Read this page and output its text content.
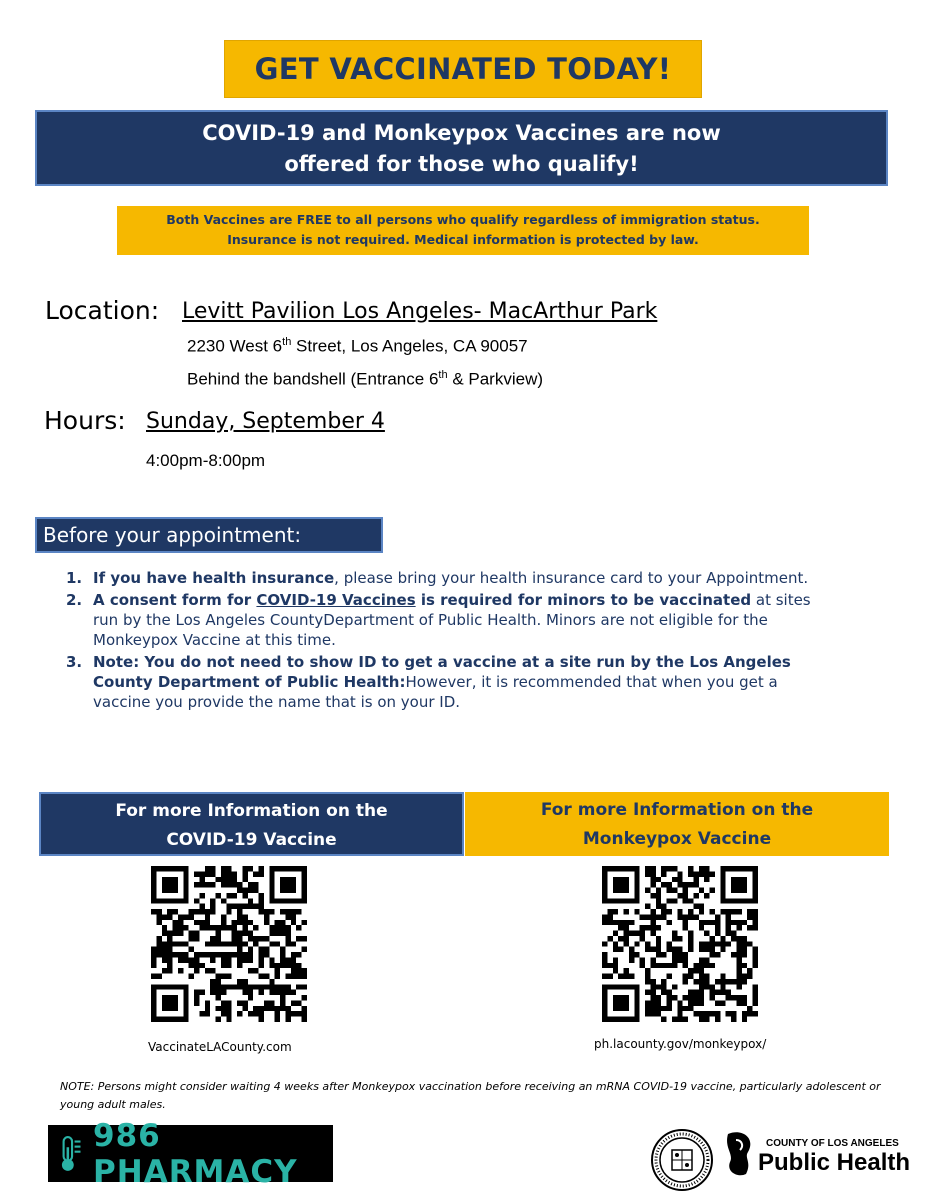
GET VACCINATED TODAY!
COVID-19 and Monkeypox Vaccines are now
offered for those who qualify!
Both Vaccines are FREE to all persons who qualify regardless of immigration status.
Insurance is not required. Medical information is protected by law.
Location: Levitt Pavilion Los Angeles- MacArthur Park
2230 West 6th Street, Los Angeles, CA 90057
Behind the bandshell (Entrance 6th & Parkview)
Hours: Sunday, September 4
4:00pm-8:00pm
Before your appointment:
1. If you have health insurance, please bring your health insurance card to your Appointment.
2. A consent form for COVID-19 Vaccines is required for minors to be vaccinated at sites run by the Los Angeles CountyDepartment of Public Health. Minors are not eligible for the Monkeypox Vaccine at this time.
3. Note: You do not need to show ID to get a vaccine at a site run by the Los Angeles County Department of Public Health:However, it is recommended that when you get a vaccine you provide the name that is on your ID.
For more Information on the
COVID-19 Vaccine
For more Information on the
Monkeypox Vaccine
VaccinateLACounty.com	ph.lacounty.gov/monkeypox/
NOTE: Persons might consider waiting 4 weeks after Monkeypox vaccination before receiving an mRNA COVID-19 vaccine, particularly adolescent or young adult males.
986 PHARMACY
COUNTY OF LOS ANGELES
Public Health
